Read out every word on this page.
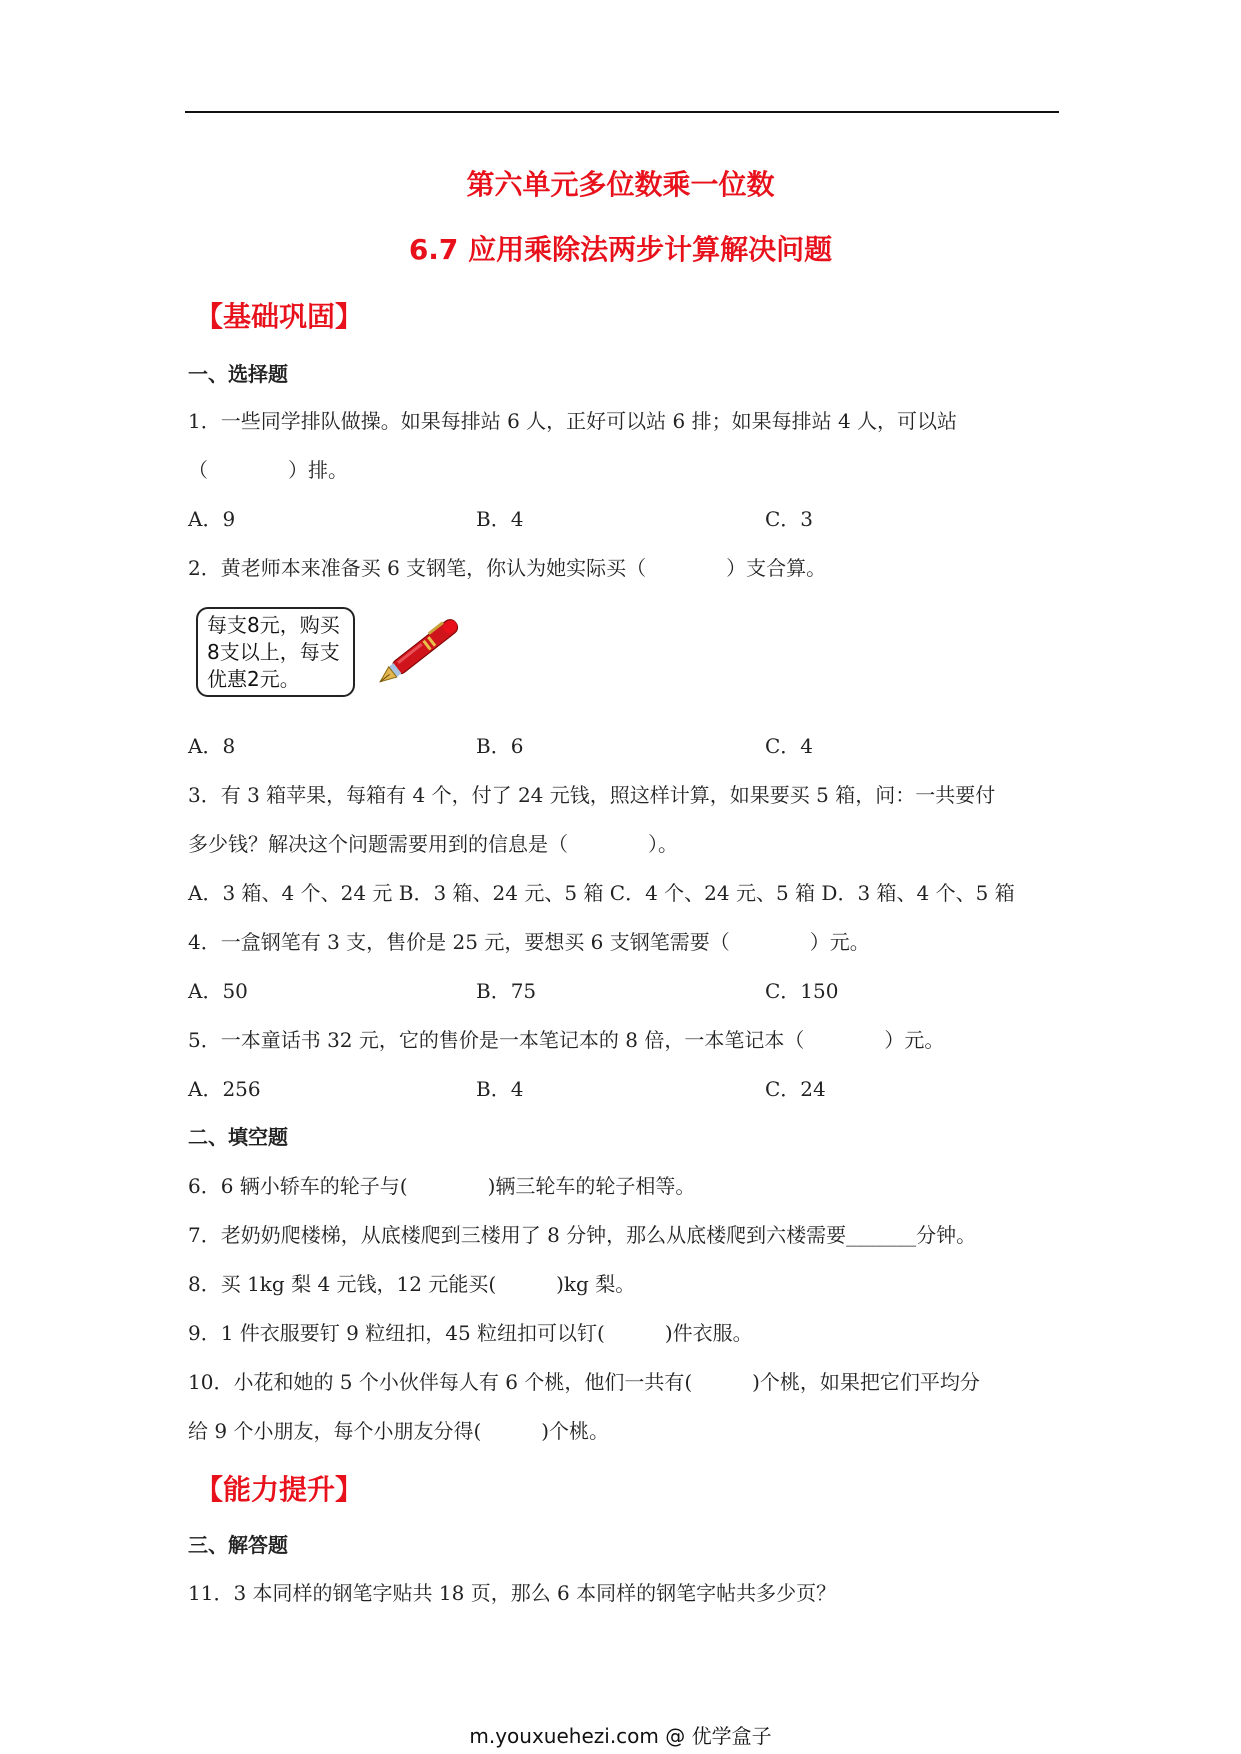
第六单元多位数乘一位数
6.7 应用乘除法两步计算解决问题
【基础巩固】
一、选择题
1．一些同学排队做操。如果每排站 6 人，正好可以站 6 排；如果每排站 4 人，可以站
（　　　　）排。
A．9	B．4	C．3
2．黄老师本来准备买 6 支钢笔，你认为她实际买（　　　　）支合算。
每支8元，购买
8支以上，每支
优惠2元。
A．8	B．6	C．4
3．有 3 箱苹果，每箱有 4 个，付了 24 元钱，照这样计算，如果要买 5 箱，问：一共要付
多少钱？解决这个问题需要用到的信息是（　　　　）。
A．3 箱、4 个、24 元 B．3 箱、24 元、5 箱 C．4 个、24 元、5 箱 D．3 箱、4 个、5 箱
4．一盒钢笔有 3 支，售价是 25 元，要想买 6 支钢笔需要（　　　　）元。
A．50	B．75	C．150
5．一本童话书 32 元，它的售价是一本笔记本的 8 倍，一本笔记本（　　　　）元。
A．256	B．4	C．24
二、填空题
6．6 辆小轿车的轮子与(　　　　)辆三轮车的轮子相等。
7．老奶奶爬楼梯，从底楼爬到三楼用了 8 分钟，那么从底楼爬到六楼需要_______分钟。
8．买 1kg 梨 4 元钱，12 元能买(　　　)kg 梨。
9．1 件衣服要钉 9 粒纽扣，45 粒纽扣可以钉(　　　)件衣服。
10．小花和她的 5 个小伙伴每人有 6 个桃，他们一共有(　　　)个桃，如果把它们平均分
给 9 个小朋友，每个小朋友分得(　　　)个桃。
【能力提升】
三、解答题
11．3 本同样的钢笔字贴共 18 页，那么 6 本同样的钢笔字帖共多少页？
m.youxuehezi.com @ 优学盒子
